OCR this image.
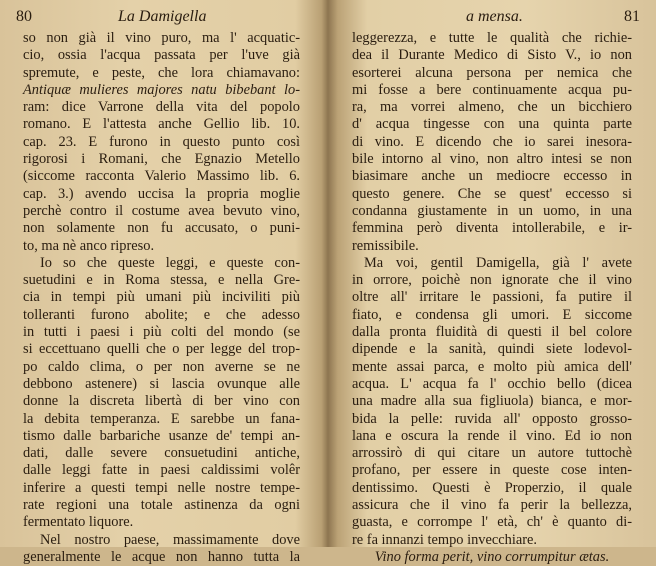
80	La Damigella
so non già il vino puro, ma l' acquatic-
cio, ossia l'acqua passata per l'uve già
spremute, e peste, che lora chiamavano:
Antiquæ mulieres majores natu bibebant lo-
ram: dice Varrone della vita del popolo
romano. E l'attesta anche Gellio lib. 10.
cap. 23. E furono in questo punto così
rigorosi i Romani, che Egnazio Metello
(siccome racconta Valerio Massimo lib. 6.
cap. 3.) avendo uccisa la propria moglie
perchè contro il costume avea bevuto vino,
non solamente non fu accusato, o puni-
to, ma nè anco ripreso.
Io so che queste leggi, e queste con-
suetudini e in Roma stessa, e nella Gre-
cia in tempi più umani più inciviliti più
tolleranti furono abolite; e che adesso
in tutti i paesi i più colti del mondo (se
si eccettuano quelli che o per legge del trop-
po caldo clima, o per non averne se ne
debbono astenere) si lascia ovunque alle
donne la discreta libertà di ber vino con
la debita temperanza. E sarebbe un fana-
tismo dalle barbariche usanze de' tempi an-
dati, dalle severe consuetudini antiche,
dalle leggi fatte in paesi caldissimi volêr
inferire a questi tempi nelle nostre tempe-
rate regioni una totale astinenza da ogni
fermentato liquore.
Nel nostro paese, massimamente dove
generalmente le acque non hanno tutta la
a mensa.	81
leggerezza, e tutte le qualità che richie-
dea il Durante Medico di Sisto V., io non
esorterei alcuna persona per nemica che
mi fosse a bere continuamente acqua pu-
ra, ma vorrei almeno, che un bicchiero
d' acqua tingesse con una quinta parte
di vino. E dicendo che io sarei inesora-
bile intorno al vino, non altro intesi se non
biasimare anche un mediocre eccesso in
questo genere. Che se quest' eccesso si
condanna giustamente in un uomo, in una
femmina però diventa intollerabile, e ir-
remissibile.
Ma voi, gentil Damigella, già l' avete
in orrore, poichè non ignorate che il vino
oltre all' irritare le passioni, fa putire il
fiato, e condensa gli umori. E siccome
dalla pronta fluidità di questi il bel colore
dipende e la sanità, quindi siete lodevol-
mente assai parca, e molto più amica dell'
acqua. L' acqua fa l' occhio bello (dicea
una madre alla sua figliuola) bianca, e mor-
bida la pelle: ruvida all' opposto grosso-
lana e oscura la rende il vino. Ed io non
arrossirò di qui citare un autore tuttochè
profano, per essere in queste cose inten-
dentissimo. Questi è Properzio, il quale
assicura che il vino fa perir la bellezza,
guasta, e corrompe l' età, ch' è quanto di-
re fa innanzi tempo invecchiare.
Vino forma perit, vino corrumpitur ætas.
